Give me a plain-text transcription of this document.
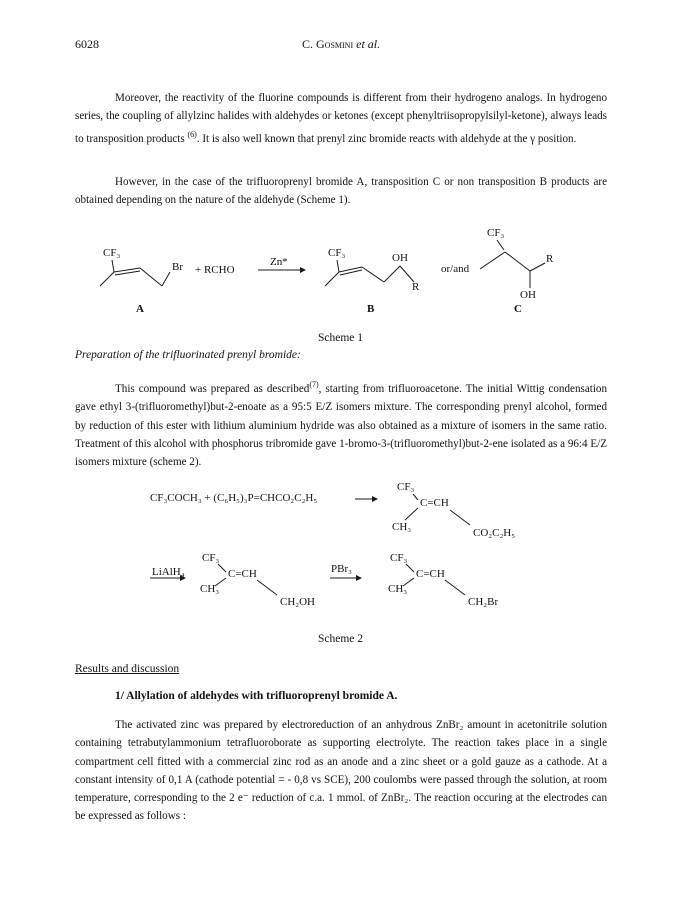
6028	C. Gosmini et al.
Moreover, the reactivity of the fluorine compounds is different from their hydrogeno analogs. In hydrogeno series, the coupling of allylzinc halides with aldehydes or ketones (except phenyltriisopropylsilyl-ketone), always leads to transposition products $^{(6)}$. It is also well known that prenyl zinc bromide reacts with aldehyde at the γ position.
However, in the case of the trifluoroprenyl bromide A, transposition C or non transposition B products are obtained depending on the nature of the aldehyde (Scheme 1).
CF₃
Br + RCHO
A
Zn*
CF₃	OH
R
B
or/and
CF₃
R
OH
C
Scheme 1
Preparation of the trifluorinated prenyl bromide:
This compound was prepared as described$^{(7)}$, starting from trifluoroacetone. The initial Wittig condensation gave ethyl 3-(trifluoromethyl)but-2-enoate as a 95:5 E/Z isomers mixture. The corresponding prenyl alcohol, formed by reduction of this ester with lithium aluminium hydride was also obtained as a mixture of isomers in the same ratio. Treatment of this alcohol with phosphorus tribromide gave 1-bromo-3-(trifluoromethyl)but-2-ene isolated as a 96:4 E/Z isomers mixture (scheme 2).
CF₃COCH₃ + (C₆H₅)₃P=CHCO₂C₂H₅
CF₃
C=CH
CH₃	CO₂C₂H₅
LiAlH₄
CF₃
C=CH
CH₃
CH₂OH
PBr₃
CF₃
C=CH
CH₃
CH₂Br
Scheme 2
Results and discussion
1/ Allylation of aldehydes with trifluoroprenyl bromide A.
The activated zinc was prepared by electroreduction of an anhydrous ZnBr₂ amount in acetonitrile solution containing tetrabutylammonium tetrafluoroborate as supporting electrolyte. The reaction takes place in a single compartment cell fitted with a commercial zinc rod as an anode and a zinc sheet or a gold gauze as a cathode. At a constant intensity of 0,1 A (cathode potential = - 0,8 vs SCE), 200 coulombs were passed through the solution, at room temperature, corresponding to the 2 e⁻ reduction of c.a. 1 mmol. of ZnBr₂. The reaction occuring at the electrodes can be expressed as follows :
